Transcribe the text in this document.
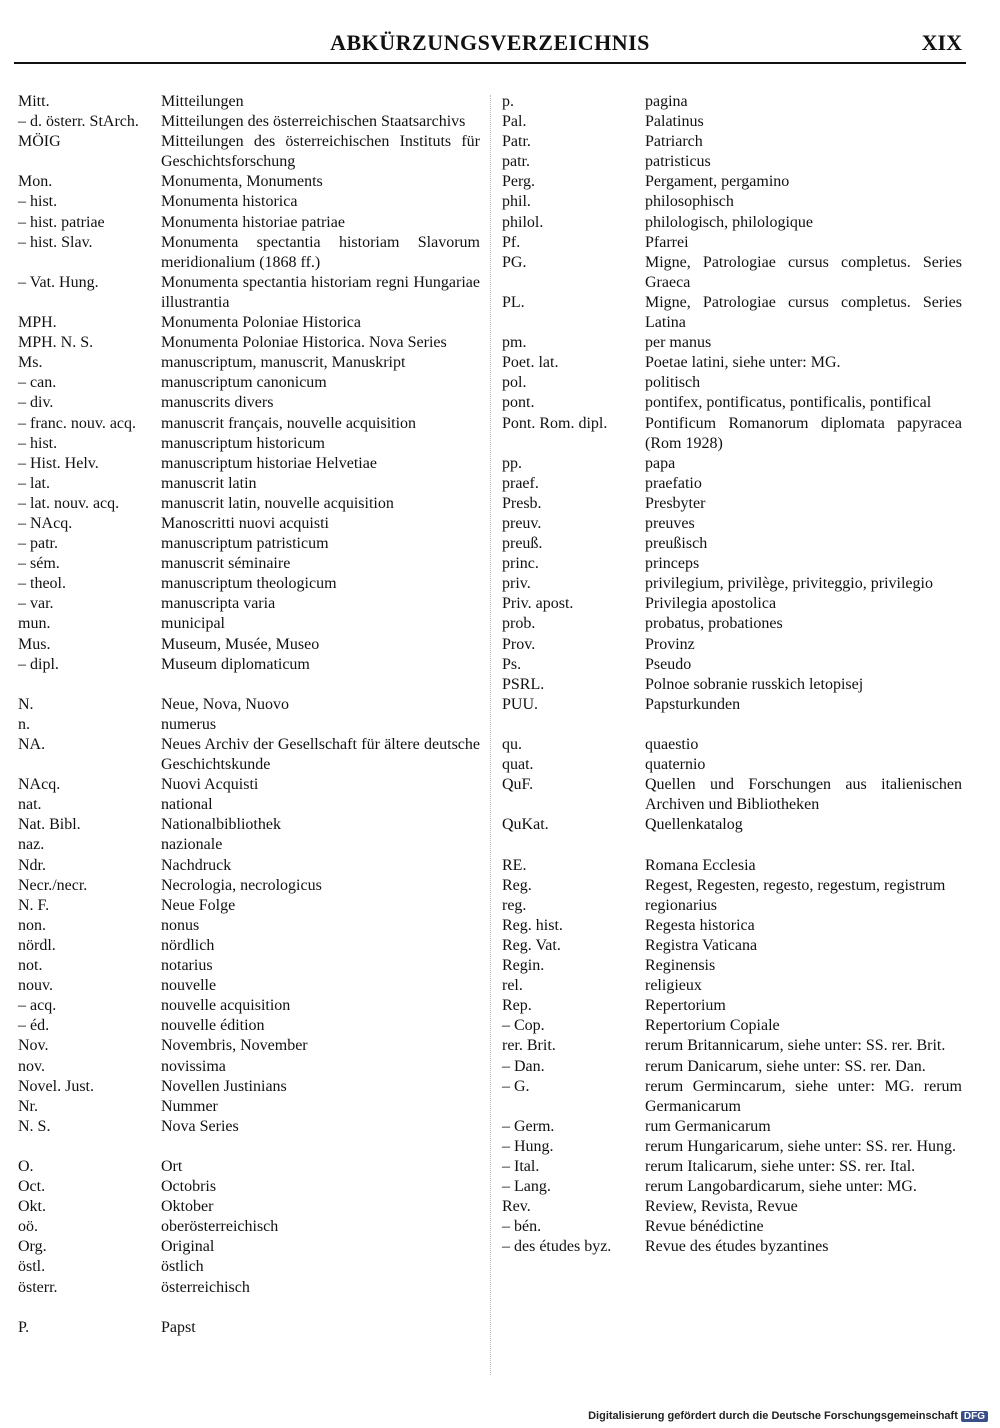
ABKÜRZUNGSVERZEICHNIS	XIX
Mitt.	Mitteilungen
– d. österr. StArch.	Mitteilungen des österreichischen Staatsarchivs
MÖIG	Mitteilungen des österreichischen Instituts für Geschichtsforschung
Mon.	Monumenta, Monuments
– hist.	Monumenta historica
– hist. patriae	Monumenta historiae patriae
– hist. Slav.	Monumenta spectantia historiam Slavorum meridionalium (1868 ff.)
– Vat. Hung.	Monumenta spectantia historiam regni Hungariae illustrantia
MPH.	Monumenta Poloniae Historica
MPH. N. S.	Monumenta Poloniae Historica. Nova Series
Ms.	manuscriptum, manuscrit, Manuskript
– can.	manuscriptum canonicum
– div.	manuscrits divers
– franc. nouv. acq.	manuscrit français, nouvelle acquisition
– hist.	manuscriptum historicum
– Hist. Helv.	manuscriptum historiae Helvetiae
– lat.	manuscrit latin
– lat. nouv. acq.	manuscrit latin, nouvelle acquisition
– NAcq.	Manoscritti nuovi acquisti
– patr.	manuscriptum patristicum
– sém.	manuscrit séminaire
– theol.	manuscriptum theologicum
– var.	manuscripta varia
mun.	municipal
Mus.	Museum, Musée, Museo
– dipl.	Museum diplomaticum
N.	Neue, Nova, Nuovo
n.	numerus
NA.	Neues Archiv der Gesellschaft für ältere deutsche Geschichtskunde
NAcq.	Nuovi Acquisti
nat.	national
Nat. Bibl.	Nationalbibliothek
naz.	nazionale
Ndr.	Nachdruck
Necr./necr.	Necrologia, necrologicus
N. F.	Neue Folge
non.	nonus
nördl.	nördlich
not.	notarius
nouv.	nouvelle
– acq.	nouvelle acquisition
– éd.	nouvelle édition
Nov.	Novembris, November
nov.	novissima
Novel. Just.	Novellen Justinians
Nr.	Nummer
N. S.	Nova Series
O.	Ort
Oct.	Octobris
Okt.	Oktober
oö.	oberösterreichisch
Org.	Original
östl.	östlich
österr.	österreichisch
P.	Papst
p.	pagina
Pal.	Palatinus
Patr.	Patriarch
patr.	patristicus
Perg.	Pergament, pergamino
phil.	philosophisch
philol.	philologisch, philologique
Pf.	Pfarrei
PG.	Migne, Patrologiae cursus completus. Series Graeca
PL.	Migne, Patrologiae cursus completus. Series Latina
pm.	per manus
Poet. lat.	Poetae latini, siehe unter: MG.
pol.	politisch
pont.	pontifex, pontificatus, pontificalis, pontifical
Pont. Rom. dipl.	Pontificum Romanorum diplomata papyracea (Rom 1928)
pp.	papa
praef.	praefatio
Presb.	Presbyter
preuv.	preuves
preuß.	preußisch
princ.	princeps
priv.	privilegium, privilège, priviteggio, privilegio
Priv. apost.	Privilegia apostolica
prob.	probatus, probationes
Prov.	Provinz
Ps.	Pseudo
PSRL.	Polnoe sobranie russkich letopisej
PUU.	Papsturkunden
qu.	quaestio
quat.	quaternio
QuF.	Quellen und Forschungen aus italienischen Archiven und Bibliotheken
QuKat.	Quellenkatalog
RE.	Romana Ecclesia
Reg.	Regest, Regesten, regesto, regestum, registrum
reg.	regionarius
Reg. hist.	Regesta historica
Reg. Vat.	Registra Vaticana
Regin.	Reginensis
rel.	religieux
Rep.	Repertorium
– Cop.	Repertorium Copiale
rer. Brit.	rerum Britannicarum, siehe unter: SS. rer. Brit.
– Dan.	rerum Danicarum, siehe unter: SS. rer. Dan.
– G.	rerum Germincarum, siehe unter: MG. rerum Germanicarum
– Germ.	rum Germanicarum
– Hung.	rerum Hungaricarum, siehe unter: SS. rer. Hung.
– Ital.	rerum Italicarum, siehe unter: SS. rer. Ital.
– Lang.	rerum Langobardicarum, siehe unter: MG.
Rev.	Review, Revista, Revue
– bén.	Revue bénédictine
– des études byz.	Revue des études byzantines
Digitalisierung gefördert durch die Deutsche Forschungsgemeinschaft DFG
